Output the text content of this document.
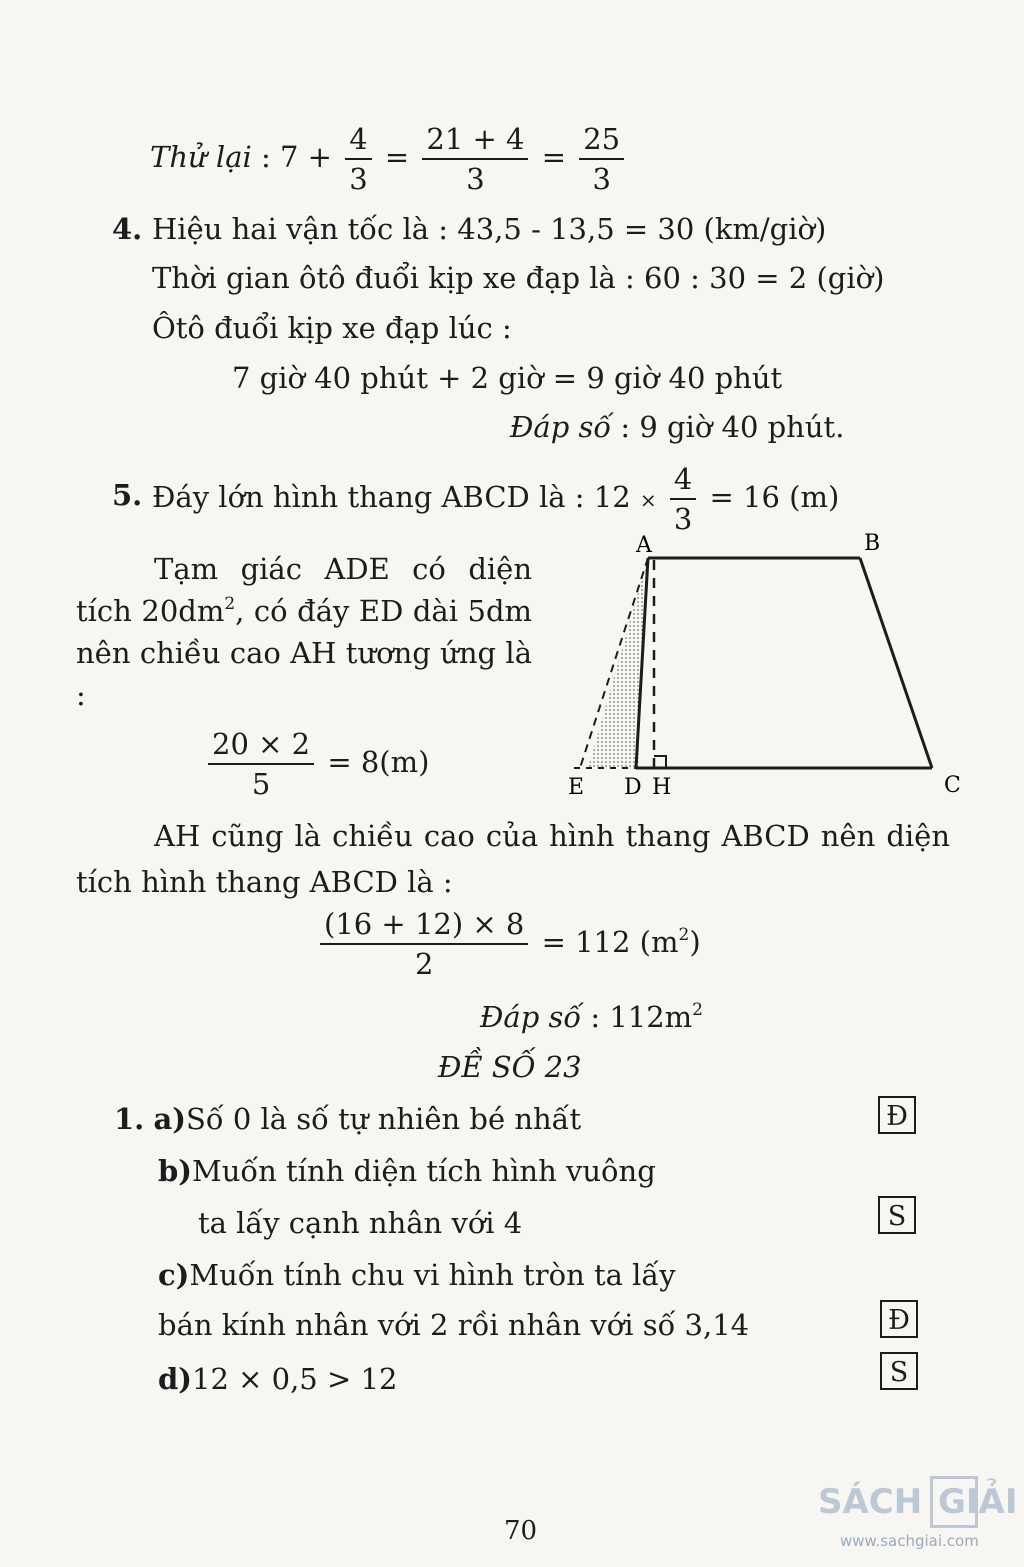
Thử lại : $7 + \frac{4}{3} = \frac{21 + 4}{3} = \frac{25}{3}$
4. Hiệu hai vận tốc là : 43,5 - 13,5 = 30 (km/giờ)
Thời gian ôtô đuổi kịp xe đạp là : 60 : 30 = 2 (giờ)
Ôtô đuổi kịp xe đạp lúc :
7 giờ 40 phút + 2 giờ = 9 giờ 40 phút
Đáp số : 9 giờ 40 phút.
5. Đáy lớn hình thang ABCD là : $12 \times \frac{4}{3} = 16$ (m)
Tạm giác ADE có diện tích $20dm^2$, có đáy ED dài 5dm nên chiều cao AH tương ứng là :
$\frac{20 \times 2}{5} = 8(m)$
A	B
C
E D H
AH cũng là chiều cao của hình thang ABCD nên diện tích hình thang ABCD là :
$\frac{(16 + 12) \times 8}{2} = 112$ $(m^2)$
Đáp số : $112m^2$
ĐỀ SỐ 23
1. a)Số 0 là số tự nhiên bé nhất	Đ
b)Muốn tính diện tích hình vuông
ta lấy cạnh nhân với 4	S
c)Muốn tính chu vi hình tròn ta lấy
bán kính nhân với 2 rồi nhân với số 3,14	Đ
d)12 × 0,5 > 12	S
70
SÁCH GIẢI
www.sachgiai.com
